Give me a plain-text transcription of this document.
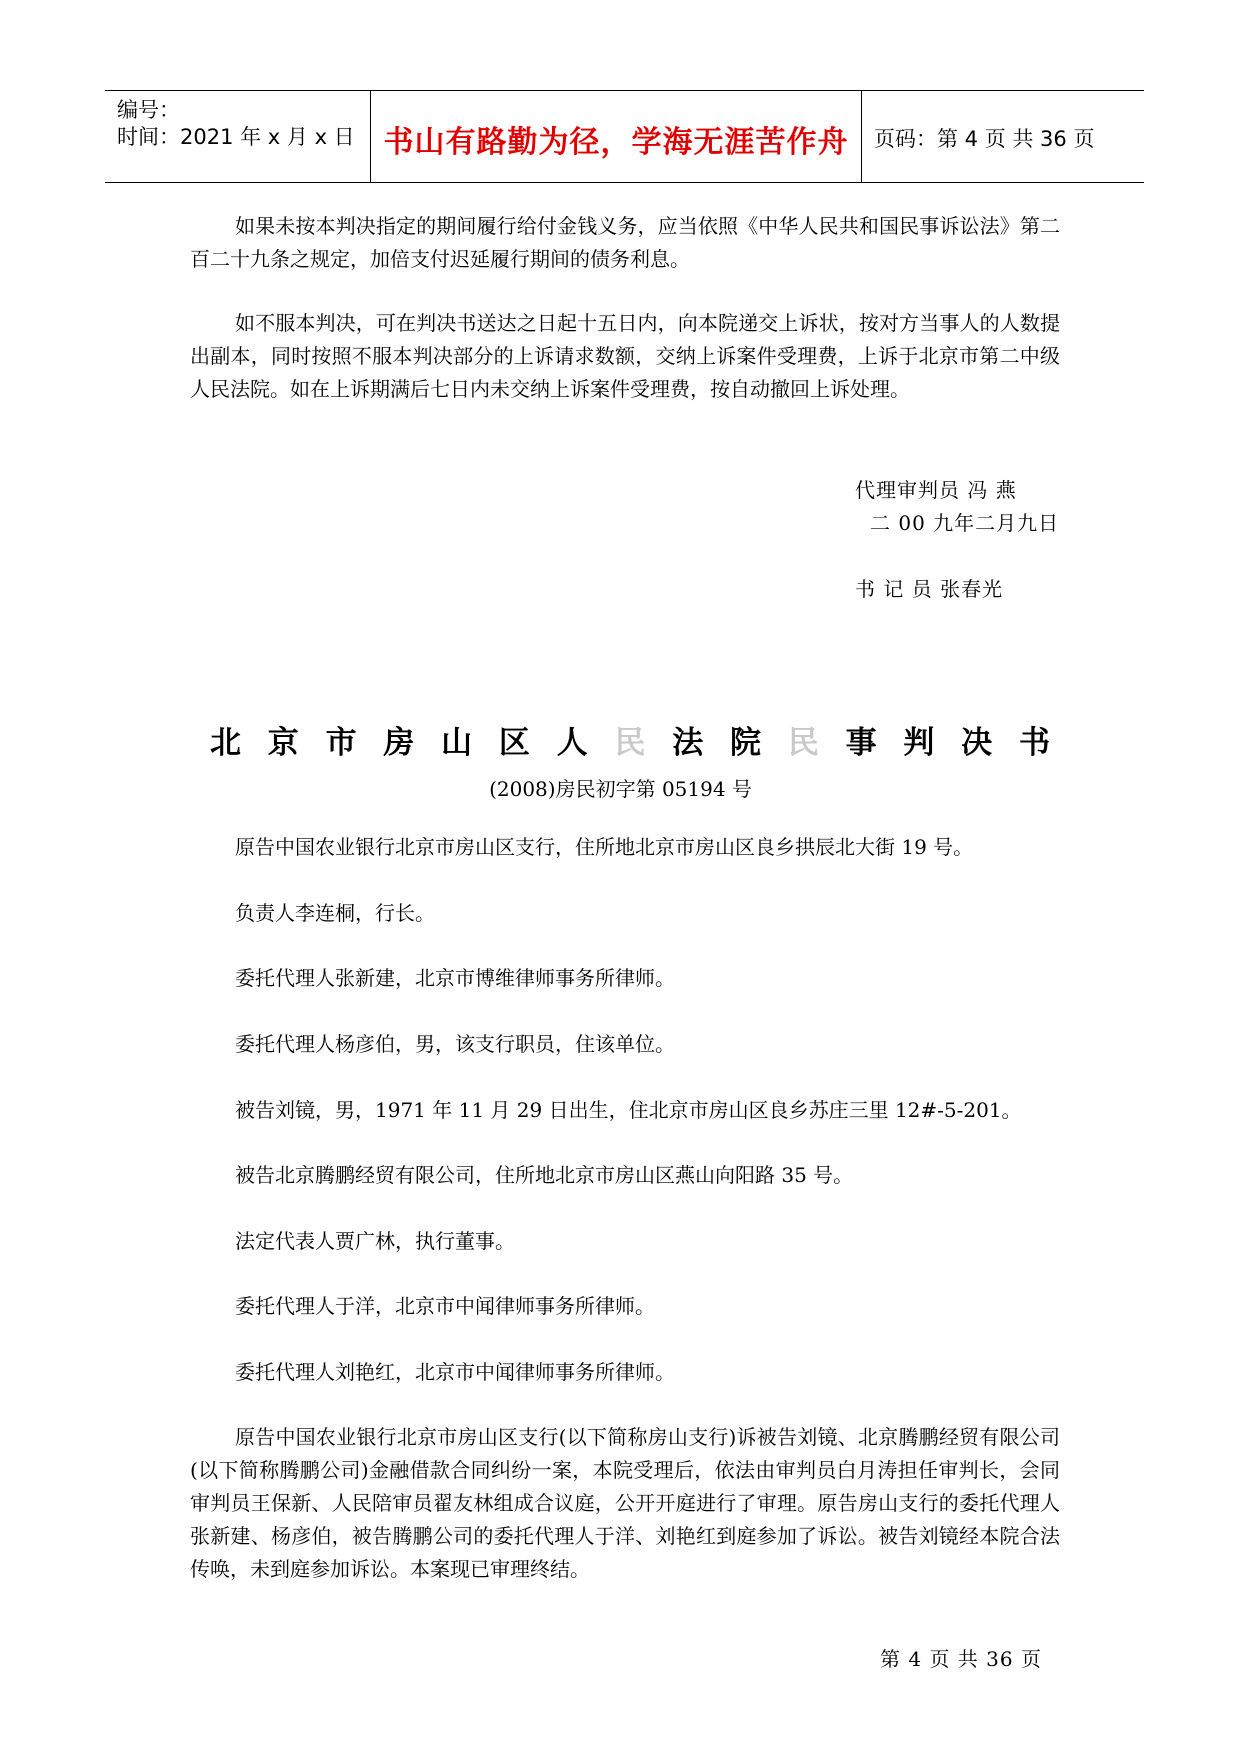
编号：
时间：2021 年 x 月 x 日 书山有路勤为径，学海无涯苦作舟	页码：第 4 页 共 36 页

如果未按本判决指定的期间履行给付金钱义务，应当依照《中华人民共和国民事诉讼法》第二百二十九条之规定，加倍支付迟延履行期间的债务利息。

如不服本判决，可在判决书送达之日起十五日内，向本院递交上诉状，按对方当事人的人数提出副本，同时按照不服本判决部分的上诉请求数额，交纳上诉案件受理费，上诉于北京市第二中级人民法院。如在上诉期满后七日内未交纳上诉案件受理费，按自动撤回上诉处理。

代理审判员 冯 燕
二 00 九年二月九日
书 记 员 张春光
北 京 市 房 山 区 人 民 法 院 民 事 判 决 书
(2008)房民初字第 05194 号
原告中国农业银行北京市房山区支行，住所地北京市房山区良乡拱辰北大街 19 号。
负责人李连桐，行长。
委托代理人张新建，北京市博维律师事务所律师。
委托代理人杨彦伯，男，该支行职员，住该单位。
被告刘镜，男，1971 年 11 月 29 日出生，住北京市房山区良乡苏庄三里 12#-5-201。
被告北京腾鹏经贸有限公司，住所地北京市房山区燕山向阳路 35 号。
法定代表人贾广林，执行董事。
委托代理人于洋，北京市中闻律师事务所律师。
委托代理人刘艳红，北京市中闻律师事务所律师。

原告中国农业银行北京市房山区支行(以下简称房山支行)诉被告刘镜、北京腾鹏经贸有限公司(以下简称腾鹏公司)金融借款合同纠纷一案，本院受理后，依法由审判员白月涛担任审判长，会同审判员王保新、人民陪审员翟友林组成合议庭，公开开庭进行了审理。原告房山支行的委托代理人张新建、杨彦伯，被告腾鹏公司的委托代理人于洋、刘艳红到庭参加了诉讼。被告刘镜经本院合法传唤，未到庭参加诉讼。本案现已审理终结。

第 4 页 共 36 页
